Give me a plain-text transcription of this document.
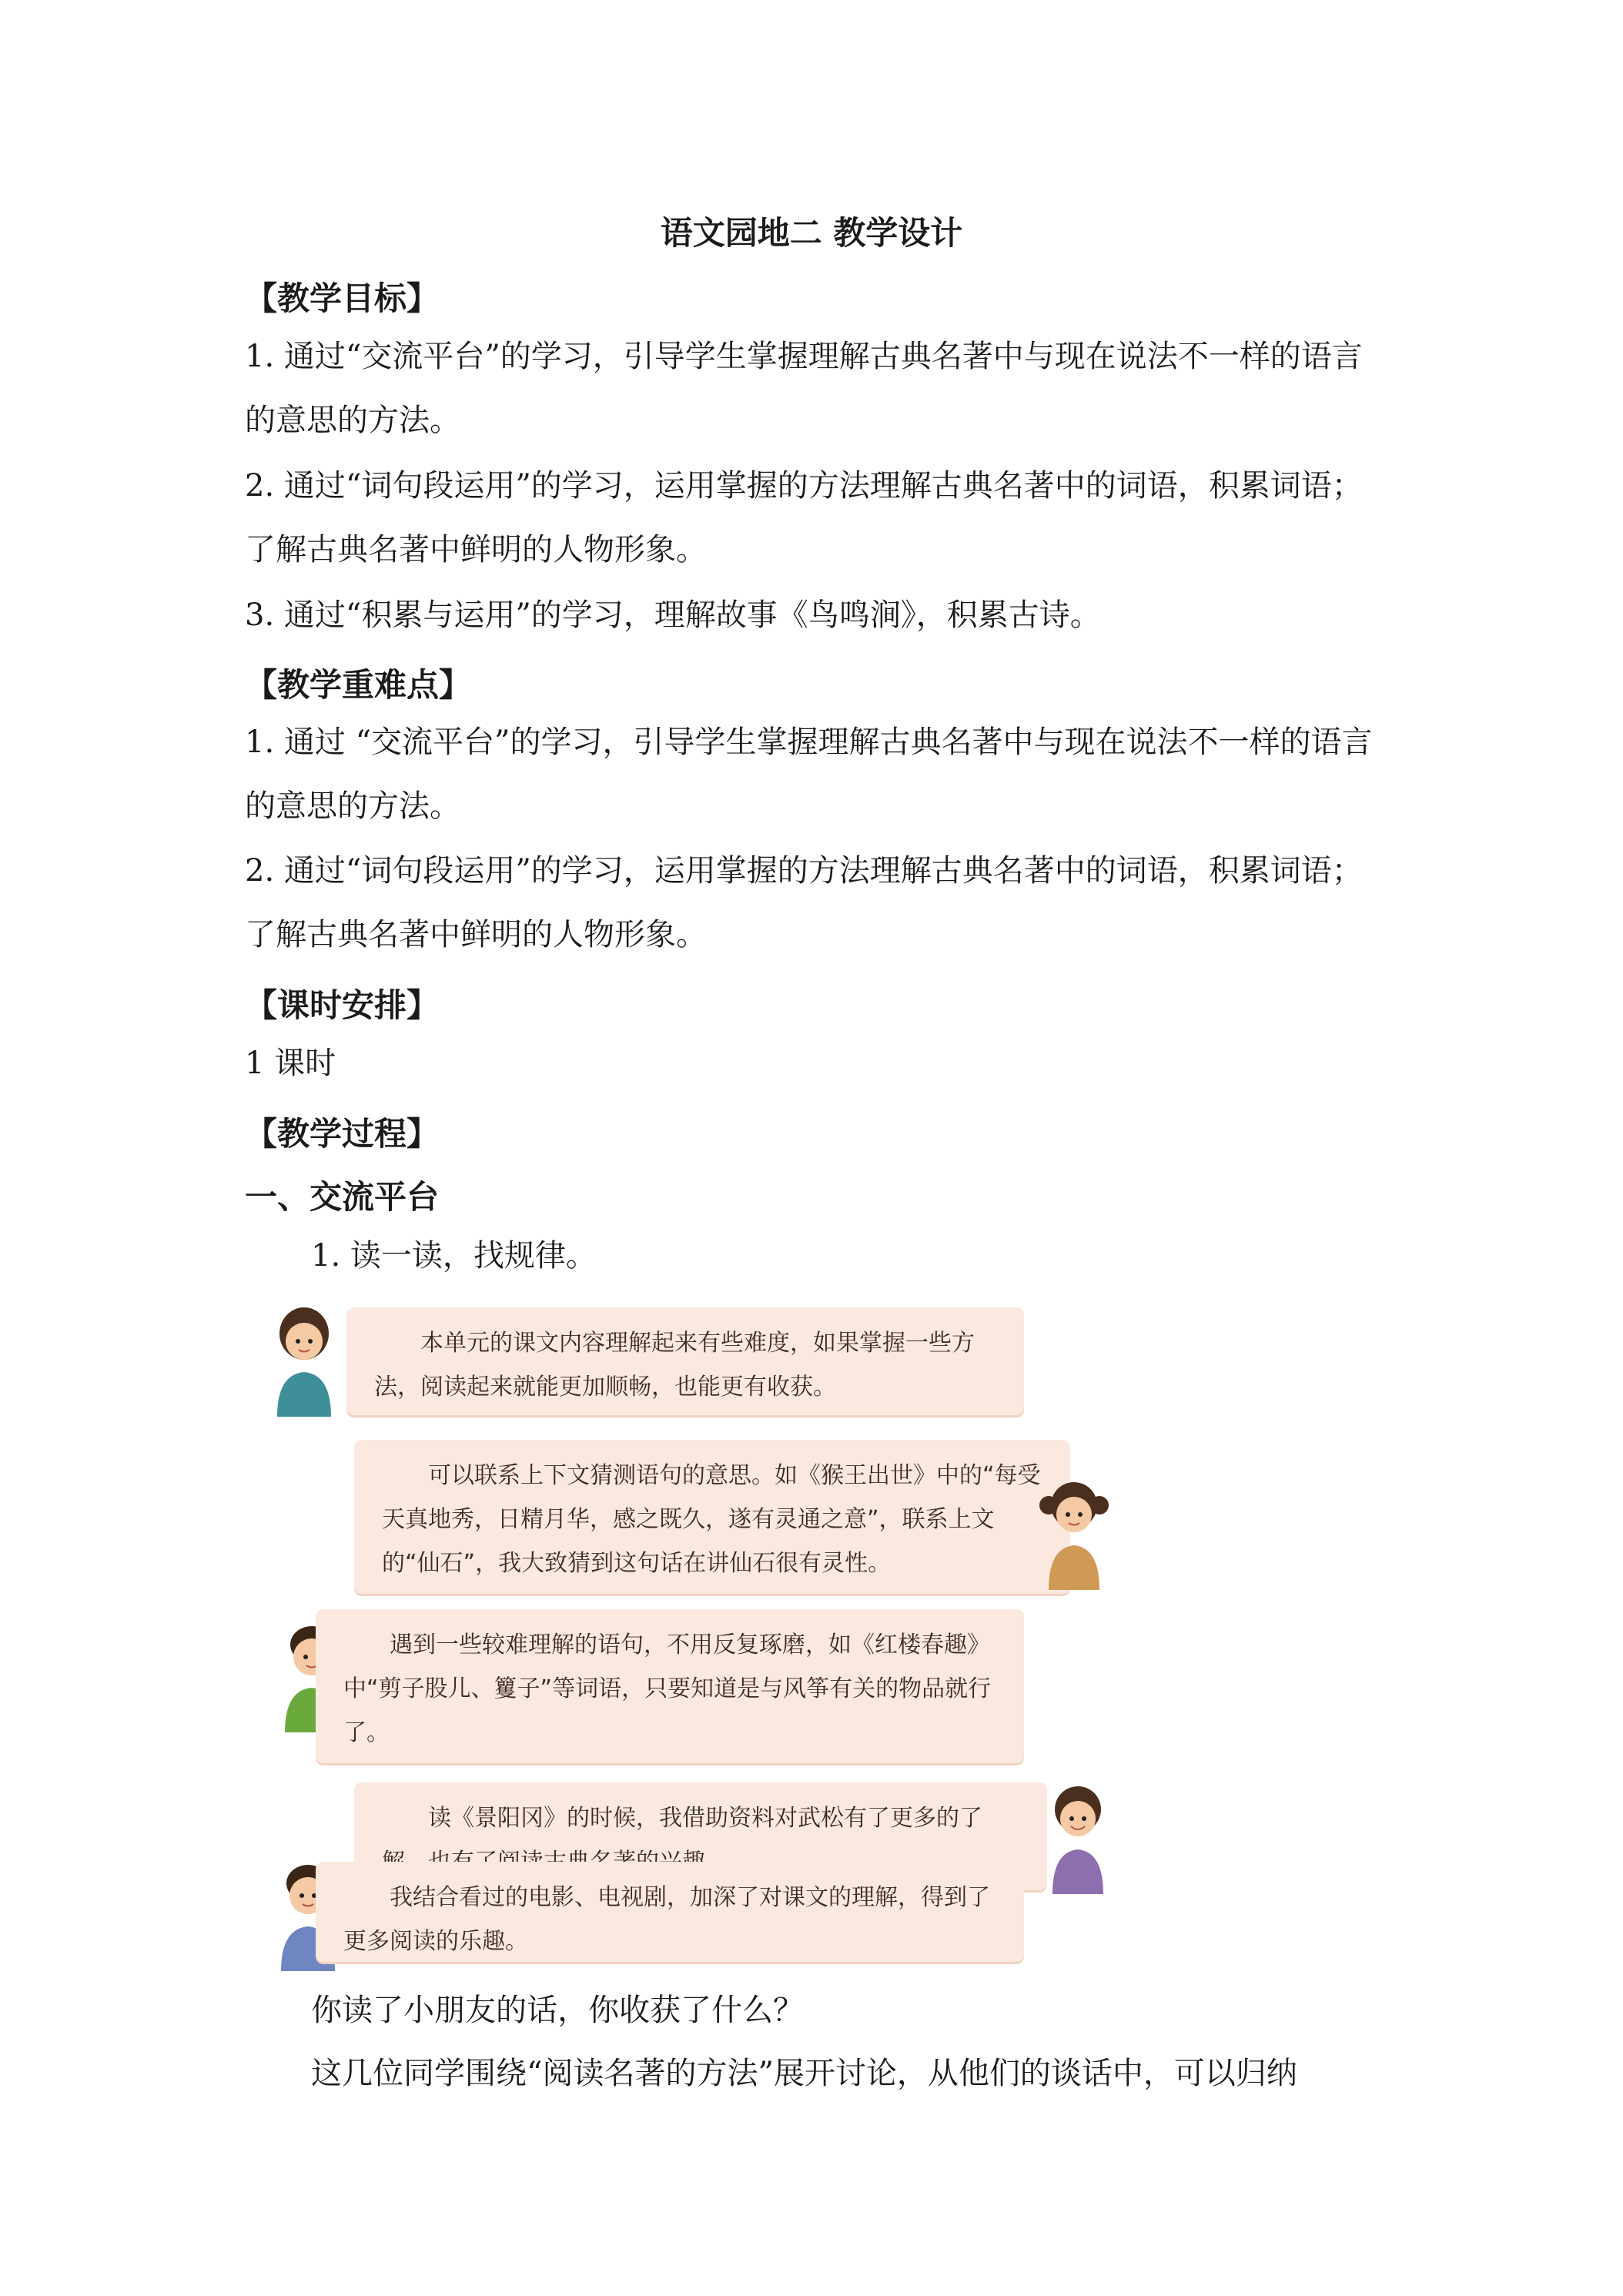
语文园地二 教学设计
【教学目标】

1. 通过“交流平台”的学习，引导学生掌握理解古典名著中与现在说法不一样的语言的意思的方法。

2. 通过“词句段运用”的学习，运用掌握的方法理解古典名著中的词语，积累词语；了解古典名著中鲜明的人物形象。

3. 通过“积累与运用”的学习，理解故事《鸟鸣涧》，积累古诗。

【教学重难点】

1. 通过 “交流平台”的学习，引导学生掌握理解古典名著中与现在说法不一样的语言的意思的方法。

2. 通过“词句段运用”的学习，运用掌握的方法理解古典名著中的词语，积累词语；了解古典名著中鲜明的人物形象。

【课时安排】

1 课时

【教学过程】
一、交流平台

1. 读一读，找规律。

本单元的课文内容理解起来有些难度，如果掌握一些方法，阅读起来就能更加顺畅，也能更有收获。
可以联系上下文猜测语句的意思。如《猴王出世》中的“每受天真地秀，日精月华，感之既久，遂有灵通之意”，联系上文的“仙石”，我大致猜到这句话在讲仙石很有灵性。
遇到一些较难理解的语句，不用反复琢磨，如《红楼春趣》中“剪子股儿、籰子”等词语，只要知道是与风筝有关的物品就行了。
读《景阳冈》的时候，我借助资料对武松有了更多的了
我结合看过的电影、电视剧，加深了对课文的理解，得到了更多阅读的乐趣。

你读了小朋友的话，你收获了什么？

这几位同学围绕“阅读名著的方法”展开讨论，从他们的谈话中，可以归纳
